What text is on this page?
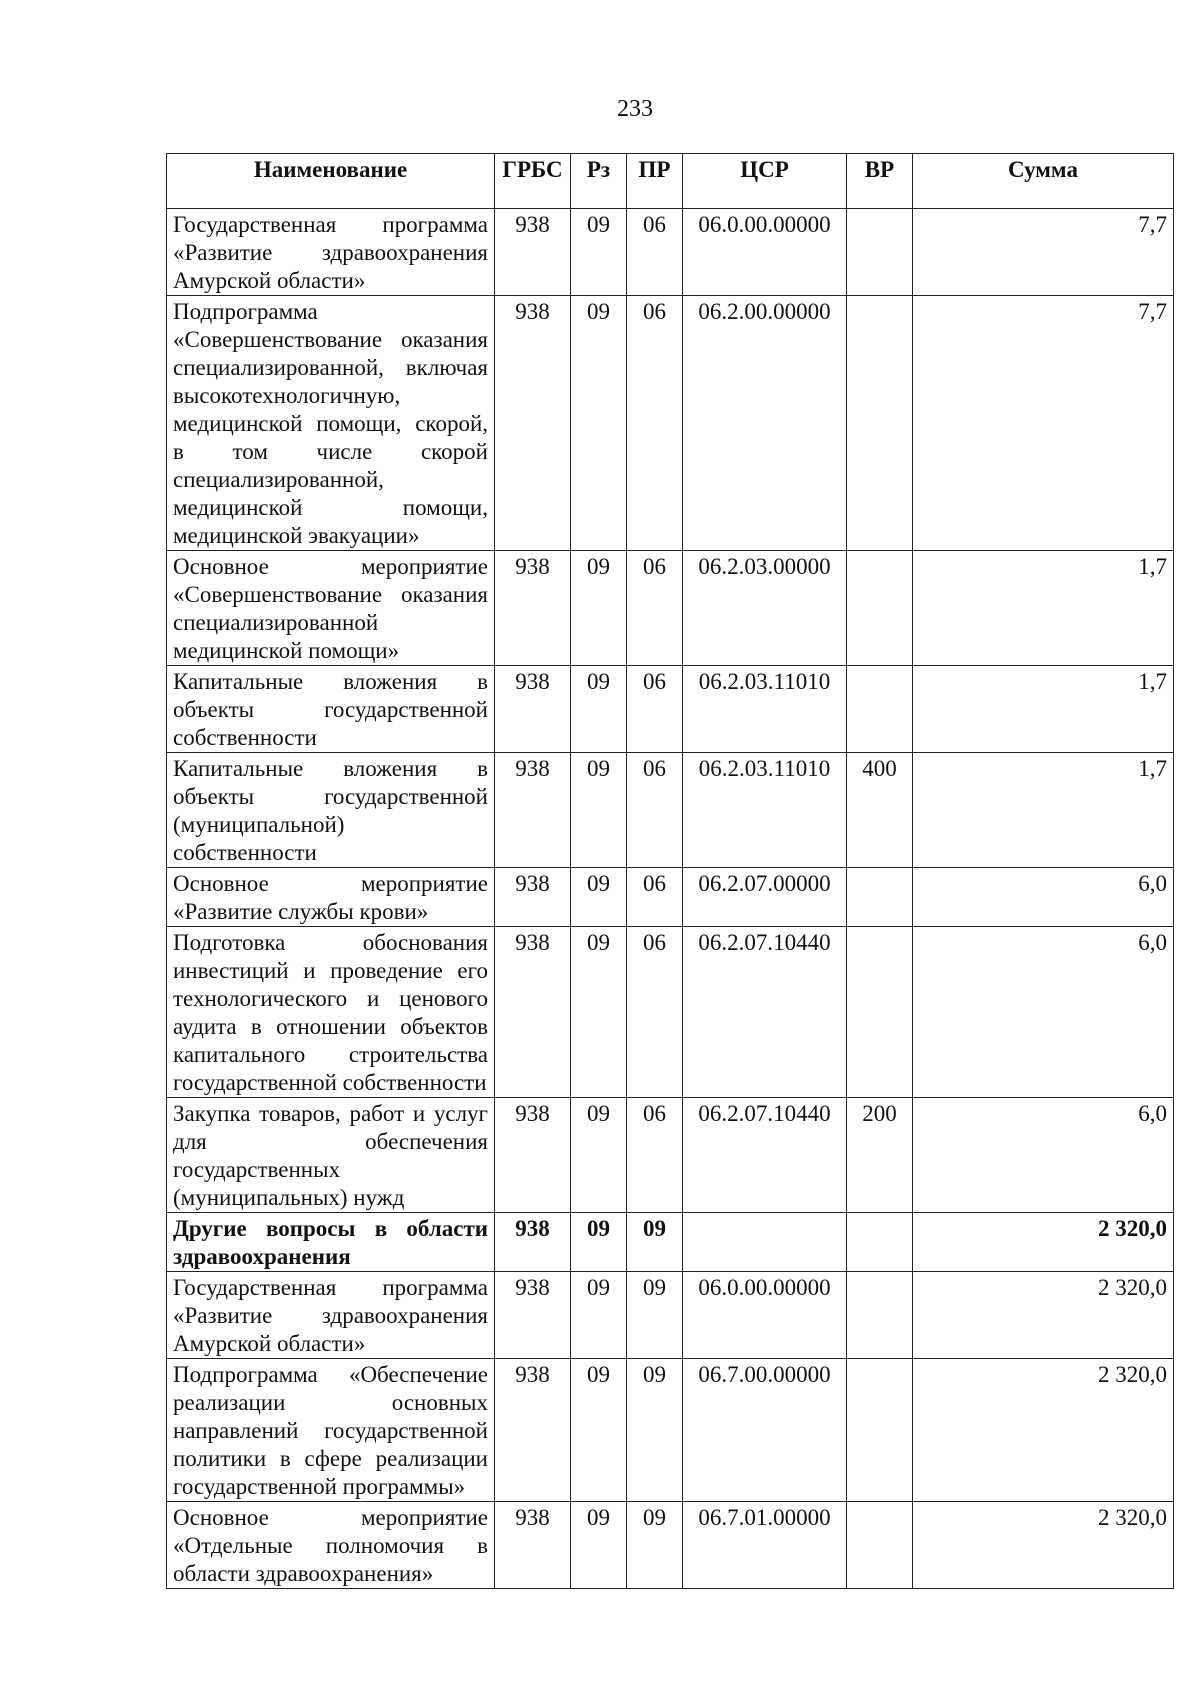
233
Наименование	ГРБС	Рз	ПР	ЦСР	ВР	Сумма
Государственная программа «Развитие здравоохранения Амурской области»	938	09	06	06.0.00.00000		7,7
Подпрограмма «Совершенствование оказания специализированной, включая высокотехнологичную, медицинской помощи, скорой, в том числе скорой специализированной, медицинской помощи, медицинской эвакуации»	938	09	06	06.2.00.00000		7,7
Основное мероприятие «Совершенствование оказания специализированной медицинской помощи»	938	09	06	06.2.03.00000		1,7
Капитальные вложения в объекты государственной собственности	938	09	06	06.2.03.11010		1,7
Капитальные вложения в объекты государственной (муниципальной) собственности	938	09	06	06.2.03.11010	400	1,7
Основное мероприятие «Развитие службы крови»	938	09	06	06.2.07.00000		6,0
Подготовка обоснования инвестиций и проведение его технологического и ценового аудита в отношении объектов капитального строительства государственной собственности	938	09	06	06.2.07.10440		6,0
Закупка товаров, работ и услуг для обеспечения государственных (муниципальных) нужд	938	09	06	06.2.07.10440	200	6,0
Другие вопросы в области здравоохранения	938	09	09			2 320,0
Государственная программа «Развитие здравоохранения Амурской области»	938	09	09	06.0.00.00000		2 320,0
Подпрограмма «Обеспечение реализации основных направлений государственной политики в сфере реализации государственной программы»	938	09	09	06.7.00.00000		2 320,0
Основное мероприятие «Отдельные полномочия в области здравоохранения»	938	09	09	06.7.01.00000		2 320,0
